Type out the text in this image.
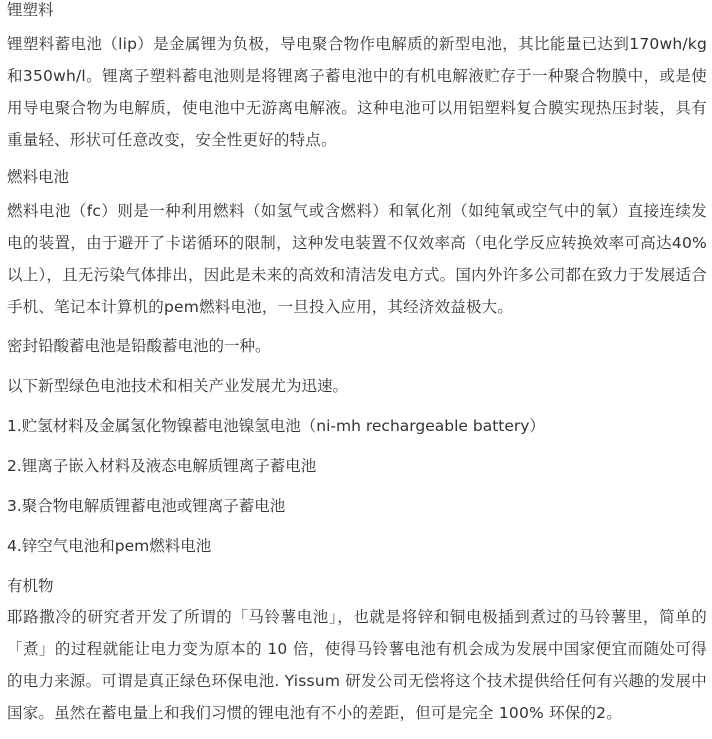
锂塑料

锂塑料蓄电池（lip）是金属锂为负极，导电聚合物作电解质的新型电池，其比能量已达到170wh/kg和350wh/l。锂离子塑料蓄电池则是将锂离子蓄电池中的有机电解液贮存于一种聚合物膜中，或是使用导电聚合物为电解质，使电池中无游离电解液。这种电池可以用铝塑料复合膜实现热压封装，具有重量轻、形状可任意改变，安全性更好的特点。

燃料电池

燃料电池（fc）则是一种利用燃料（如氢气或含燃料）和氧化剂（如纯氧或空气中的氧）直接连续发电的装置，由于避开了卡诺循环的限制，这种发电装置不仅效率高（电化学反应转换效率可高达40%以上），且无污染气体排出，因此是未来的高效和清洁发电方式。国内外许多公司都在致力于发展适合手机、笔记本计算机的pem燃料电池，一旦投入应用，其经济效益极大。

密封铅酸蓄电池是铅酸蓄电池的一种。

以下新型绿色电池技术和相关产业发展尤为迅速。

1.贮氢材料及金属氢化物镍蓄电池镍氢电池（ni-mh rechargeable battery）

2.锂离子嵌入材料及液态电解质锂离子蓄电池

3.聚合物电解质锂蓄电池或锂离子蓄电池

4.锌空气电池和pem燃料电池

有机物

耶路撒冷的研究者开发了所谓的「马铃薯电池」，也就是将锌和铜电极插到煮过的马铃薯里，简单的「煮」的过程就能让电力变为原本的 10 倍，使得马铃薯电池有机会成为发展中国家便宜而随处可得的电力来源。可谓是真正绿色环保电池. Yissum 研发公司无偿将这个技术提供给任何有兴趣的发展中国家。虽然在蓄电量上和我们习惯的锂电池有不小的差距，但可是完全 100% 环保的2。
